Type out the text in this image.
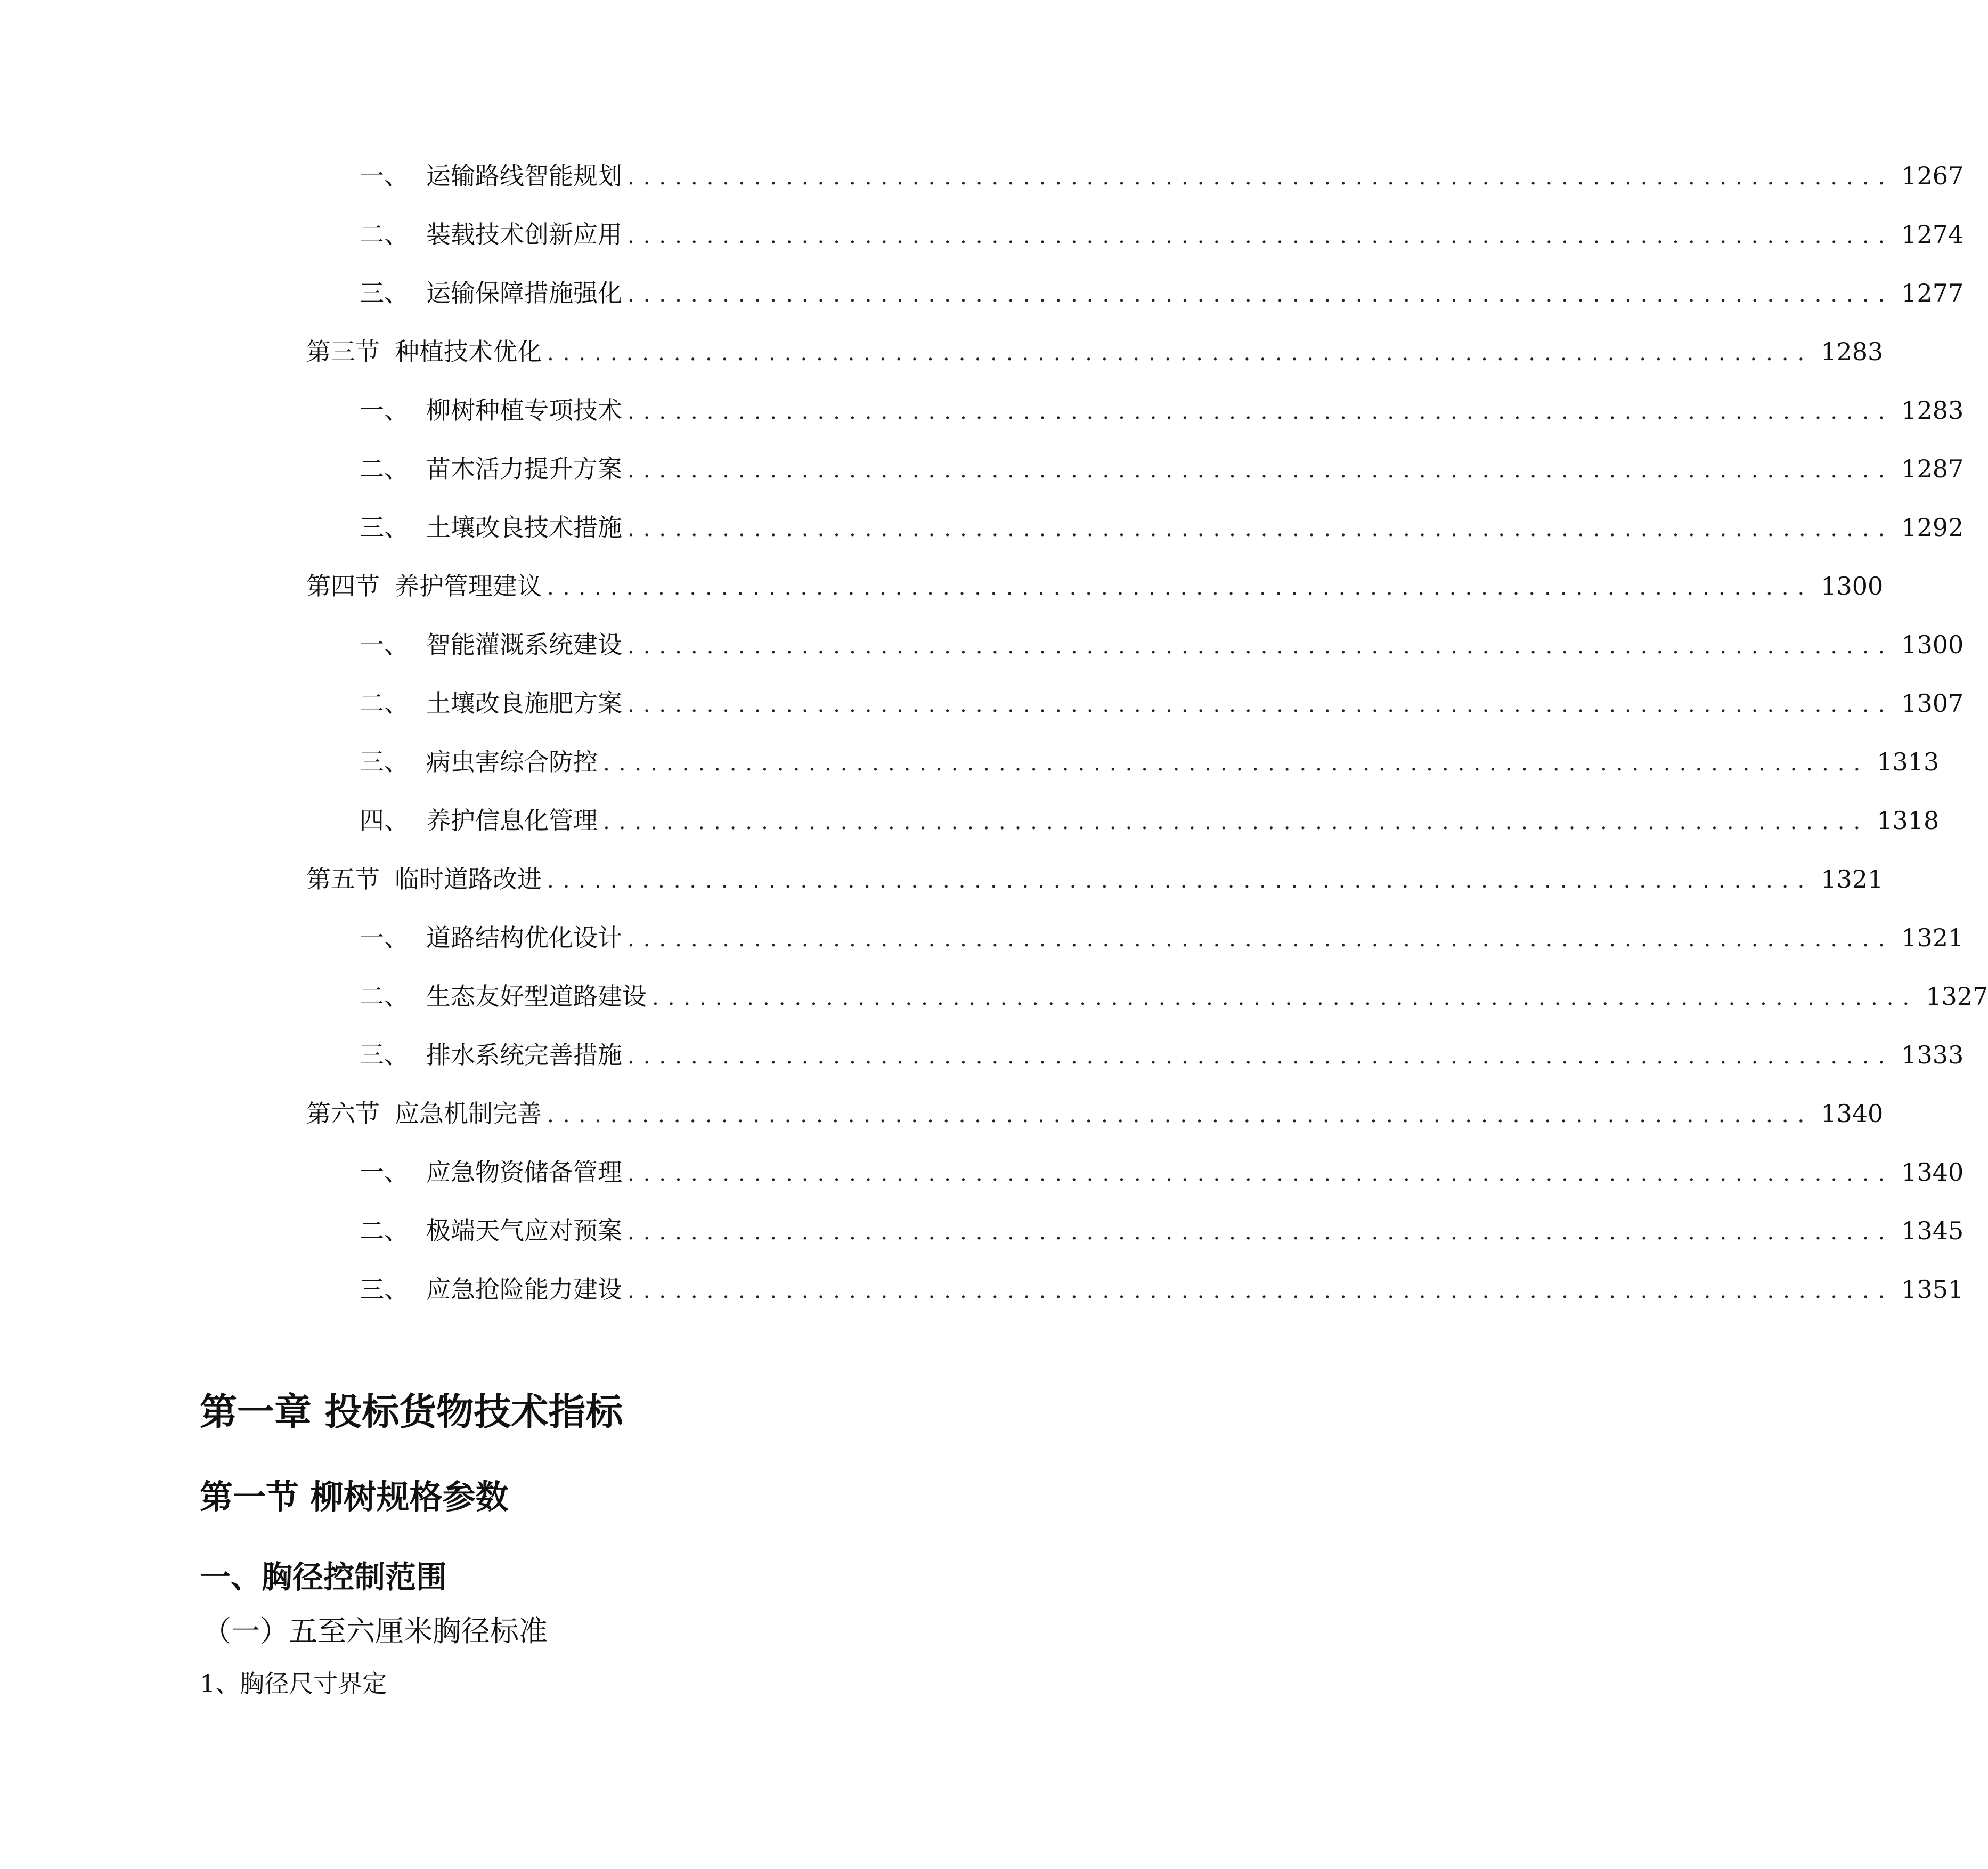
一、 运输路线智能规划 ................................................................................ 1267
二、 装载技术创新应用 ................................................................................ 1274
三、 运输保障措施强化 ................................................................................ 1277
第三节 种植技术优化 ................................................................................ 1283
一、 柳树种植专项技术 ................................................................................ 1283
二、 苗木活力提升方案 ................................................................................ 1287
三、 土壤改良技术措施 ................................................................................ 1292
第四节 养护管理建议 ................................................................................ 1300
一、 智能灌溉系统建设 ................................................................................ 1300
二、 土壤改良施肥方案 ................................................................................ 1307
三、 病虫害综合防控 ................................................................................ 1313
四、 养护信息化管理 ................................................................................ 1318
第五节 临时道路改进 ................................................................................ 1321
一、 道路结构优化设计 ................................................................................ 1321
二、 生态友好型道路建设 ................................................................................ 1327
三、 排水系统完善措施 ................................................................................ 1333
第六节 应急机制完善 ................................................................................ 1340
一、 应急物资储备管理 ................................................................................ 1340
二、 极端天气应对预案 ................................................................................ 1345
三、 应急抢险能力建设 ................................................................................ 1351
第一章 投标货物技术指标
第一节 柳树规格参数
一、胸径控制范围
（一）五至六厘米胸径标准

1、胸径尺寸界定
